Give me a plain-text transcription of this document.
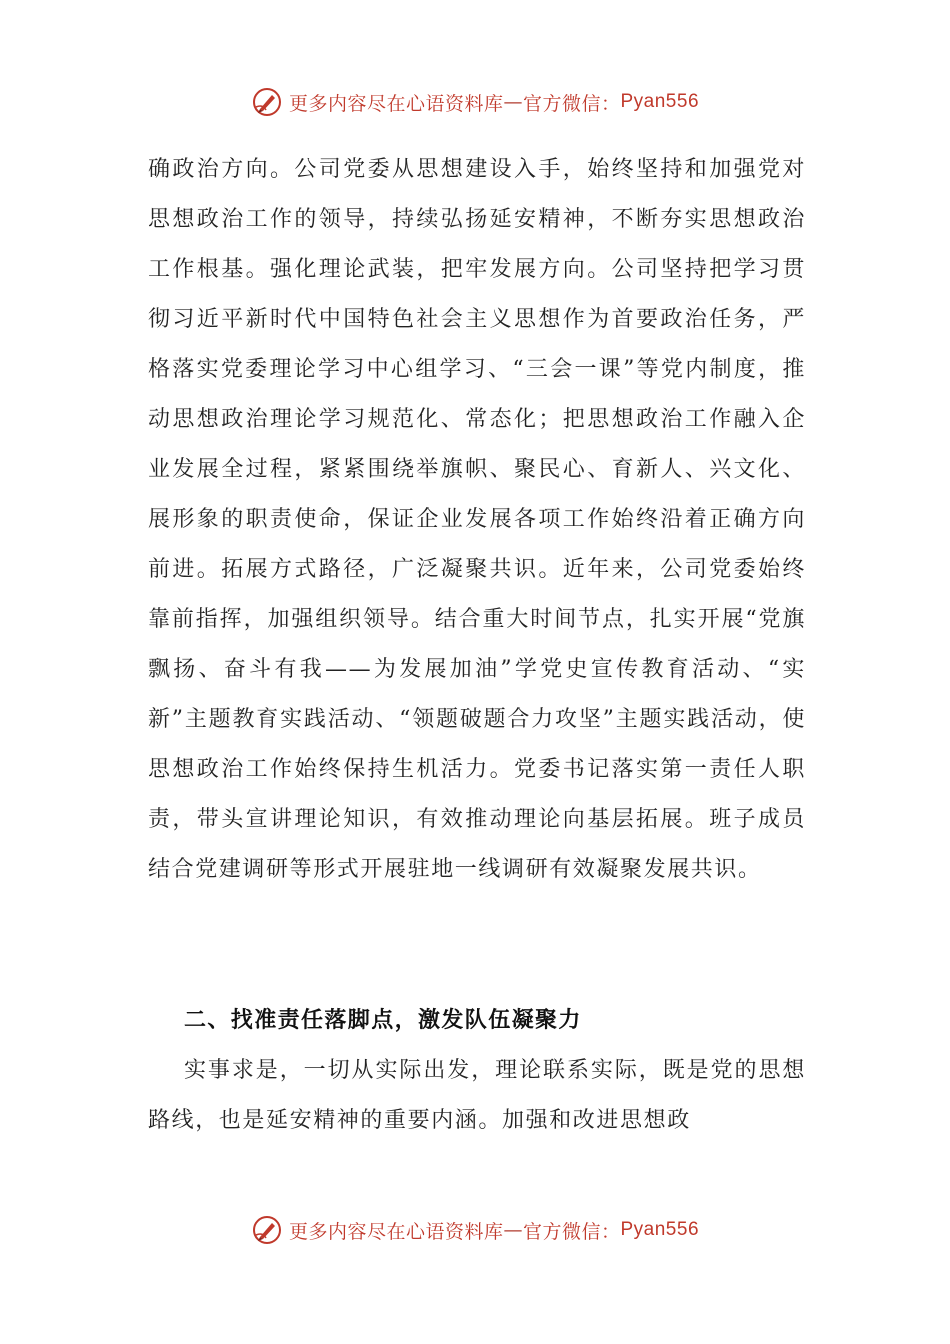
更多内容尽在心语资料库 — 官方微信： Pyan556

确政治方向。公司党委从思想建设入手，始终坚持和加强党对思想政治工作的领导，持续弘扬延安精神，不断夯实思想政治工作根基。强化理论武装，把牢发展方向。公司坚持把学习贯彻习近平新时代中国特色社会主义思想作为首要政治任务，严格落实党委理论学习中心组学习、“三会一课”等党内制度，推动思想政治理论学习规范化、常态化；把思想政治工作融入企业发展全过程，紧紧围绕举旗帜、聚民心、育新人、兴文化、展形象的职责使命，保证企业发展各项工作始终沿着正确方向前进。拓展方式路径，广泛凝聚共识。近年来，公司党委始终靠前指挥，加强组织领导。结合重大时间节点，扎实开展“党旗飘扬、奋斗有我——为发展加油”学党史宣传教育活动、“实新”主题教育实践活动、“领题破题合力攻坚”主题实践活动，使思想政治工作始终保持生机活力。党委书记落实第一责任人职责，带头宣讲理论知识，有效推动理论向基层拓展。班子成员结合党建调研等形式开展驻地一线调研有效凝聚发展共识。

二、找准责任落脚点，激发队伍凝聚力

实事求是，一切从实际出发，理论联系实际，既是党的思想路线，也是延安精神的重要内涵。加强和改进思想政

更多内容尽在心语资料库 — 官方微信： Pyan556
